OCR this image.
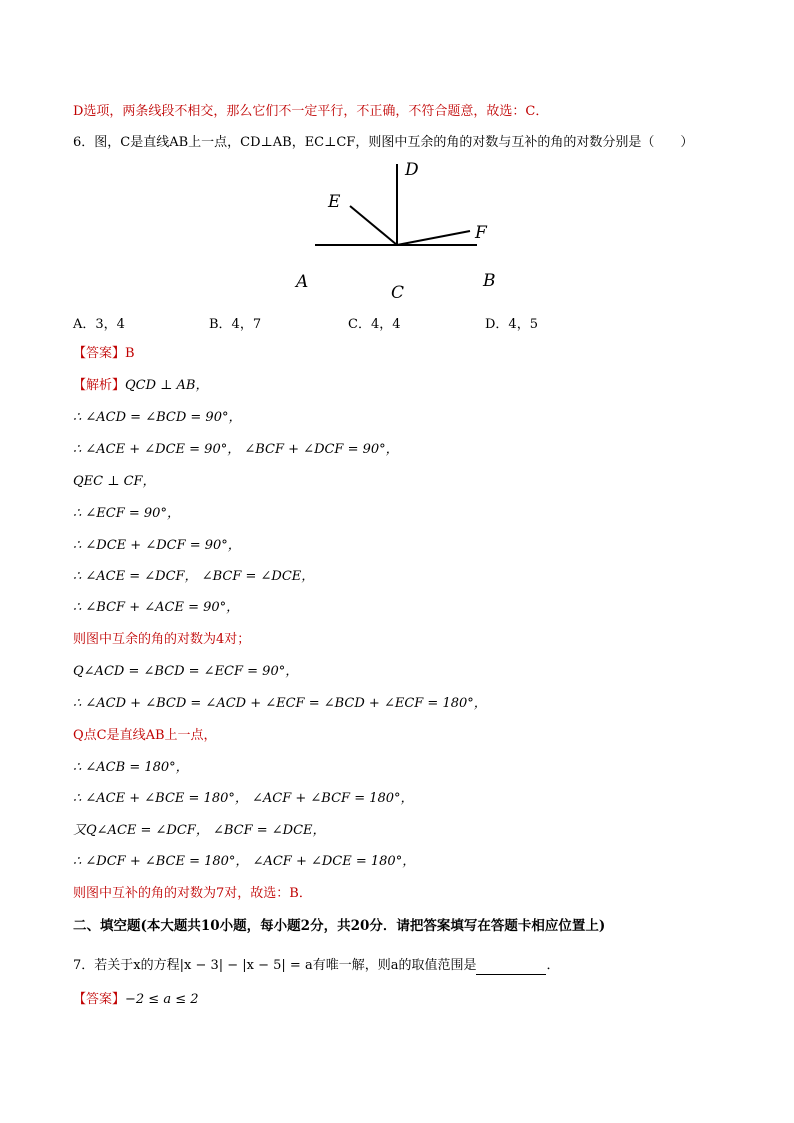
D选项，两条线段不相交，那么它们不一定平行，不正确，不符合题意，故选：C．
6．图，C是直线AB上一点，CD⊥AB，EC⊥CF，则图中互余的角的对数与互补的角的对数分别是（　　）
D
E
F
A	B
C
A．3，4	B．4，7	C．4，4	D．4，5
【答案】B
【解析】QCD ⊥ AB，
∴ ∠ACD = ∠BCD = 90°，
∴ ∠ACE + ∠DCE = 90°， ∠BCF + ∠DCF = 90°，
QEC ⊥ CF，
∴ ∠ECF = 90°，
∴ ∠DCE + ∠DCF = 90°，
∴ ∠ACE = ∠DCF， ∠BCF = ∠DCE，
∴ ∠BCF + ∠ACE = 90°，
则图中互余的角的对数为4对；
Q∠ACD = ∠BCD = ∠ECF = 90°，
∴ ∠ACD + ∠BCD = ∠ACD + ∠ECF = ∠BCD + ∠ECF = 180°，
Q点C是直线AB上一点，
∴ ∠ACB = 180°，
∴ ∠ACE + ∠BCE = 180°， ∠ACF + ∠BCF = 180°，
又Q∠ACE = ∠DCF， ∠BCF = ∠DCE，
∴ ∠DCF + ∠BCE = 180°， ∠ACF + ∠DCE = 180°，
则图中互补的角的对数为7对，故选：B．
二、填空题(本大题共10小题，每小题2分，共20分．请把答案填写在答题卡相应位置上)
7．若关于x的方程|x − 3| − |x − 5| = a有唯一解，则a的取值范围是	．
【答案】−2 ≤ a ≤ 2
